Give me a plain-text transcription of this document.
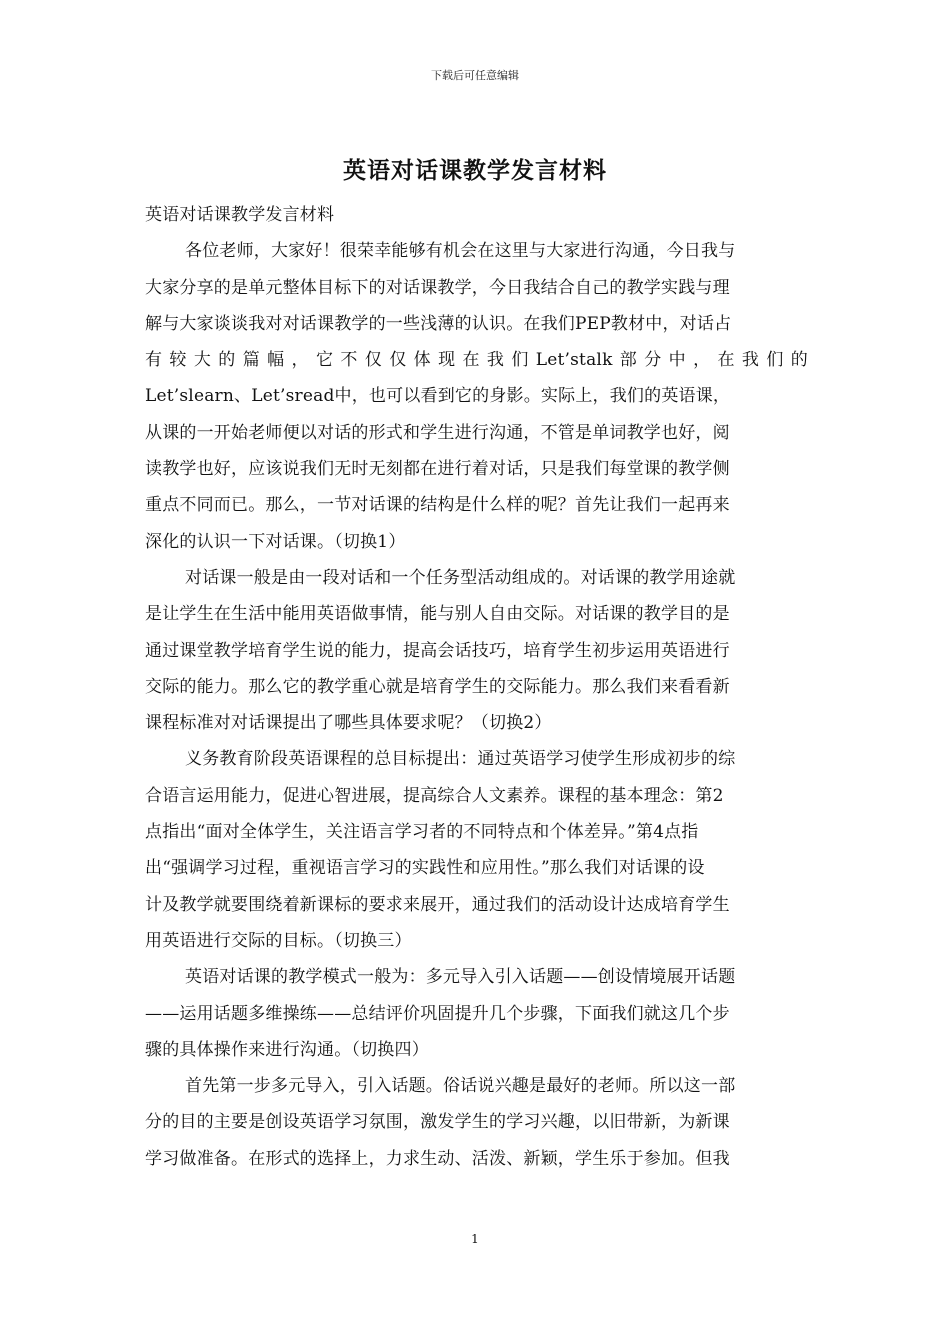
下载后可任意编辑
英语对话课教学发言材料
英语对话课教学发言材料
各位老师，大家好！很荣幸能够有机会在这里与大家进行沟通，今日我与
大家分享的是单元整体目标下的对话课教学，今日我结合自己的教学实践与理
解与大家谈谈我对对话课教学的一些浅薄的认识。在我们PEP教材中，对话占
有 较 大 的 篇 幅 ， 它 不 仅 仅 体 现 在 我 们 Let’stalk 部 分 中 ， 在 我 们 的
Let’slearn、Let’sread中，也可以看到它的身影。实际上，我们的英语课，
从课的一开始老师便以对话的形式和学生进行沟通，不管是单词教学也好，阅
读教学也好，应该说我们无时无刻都在进行着对话，只是我们每堂课的教学侧
重点不同而已。那么，一节对话课的结构是什么样的呢？首先让我们一起再来
深化的认识一下对话课。（切换1）
对话课一般是由一段对话和一个任务型活动组成的。对话课的教学用途就
是让学生在生活中能用英语做事情，能与别人自由交际。对话课的教学目的是
通过课堂教学培育学生说的能力，提高会话技巧，培育学生初步运用英语进行
交际的能力。那么它的教学重心就是培育学生的交际能力。那么我们来看看新
课程标准对对话课提出了哪些具体要求呢？（切换2）
义务教育阶段英语课程的总目标提出：通过英语学习使学生形成初步的综
合语言运用能力，促进心智进展，提高综合人文素养。课程的基本理念：第2
点指出“面对全体学生，关注语言学习者的不同特点和个体差异。”第4点指
出“强调学习过程，重视语言学习的实践性和应用性。”那么我们对话课的设
计及教学就要围绕着新课标的要求来展开，通过我们的活动设计达成培育学生
用英语进行交际的目标。（切换三）
英语对话课的教学模式一般为：多元导入引入话题——创设情境展开话题
——运用话题多维操练——总结评价巩固提升几个步骤，下面我们就这几个步
骤的具体操作来进行沟通。（切换四）
首先第一步多元导入，引入话题。俗话说兴趣是最好的老师。所以这一部
分的目的主要是创设英语学习氛围，激发学生的学习兴趣，以旧带新，为新课
学习做准备。在形式的选择上，力求生动、活泼、新颖，学生乐于参加。但我
1
